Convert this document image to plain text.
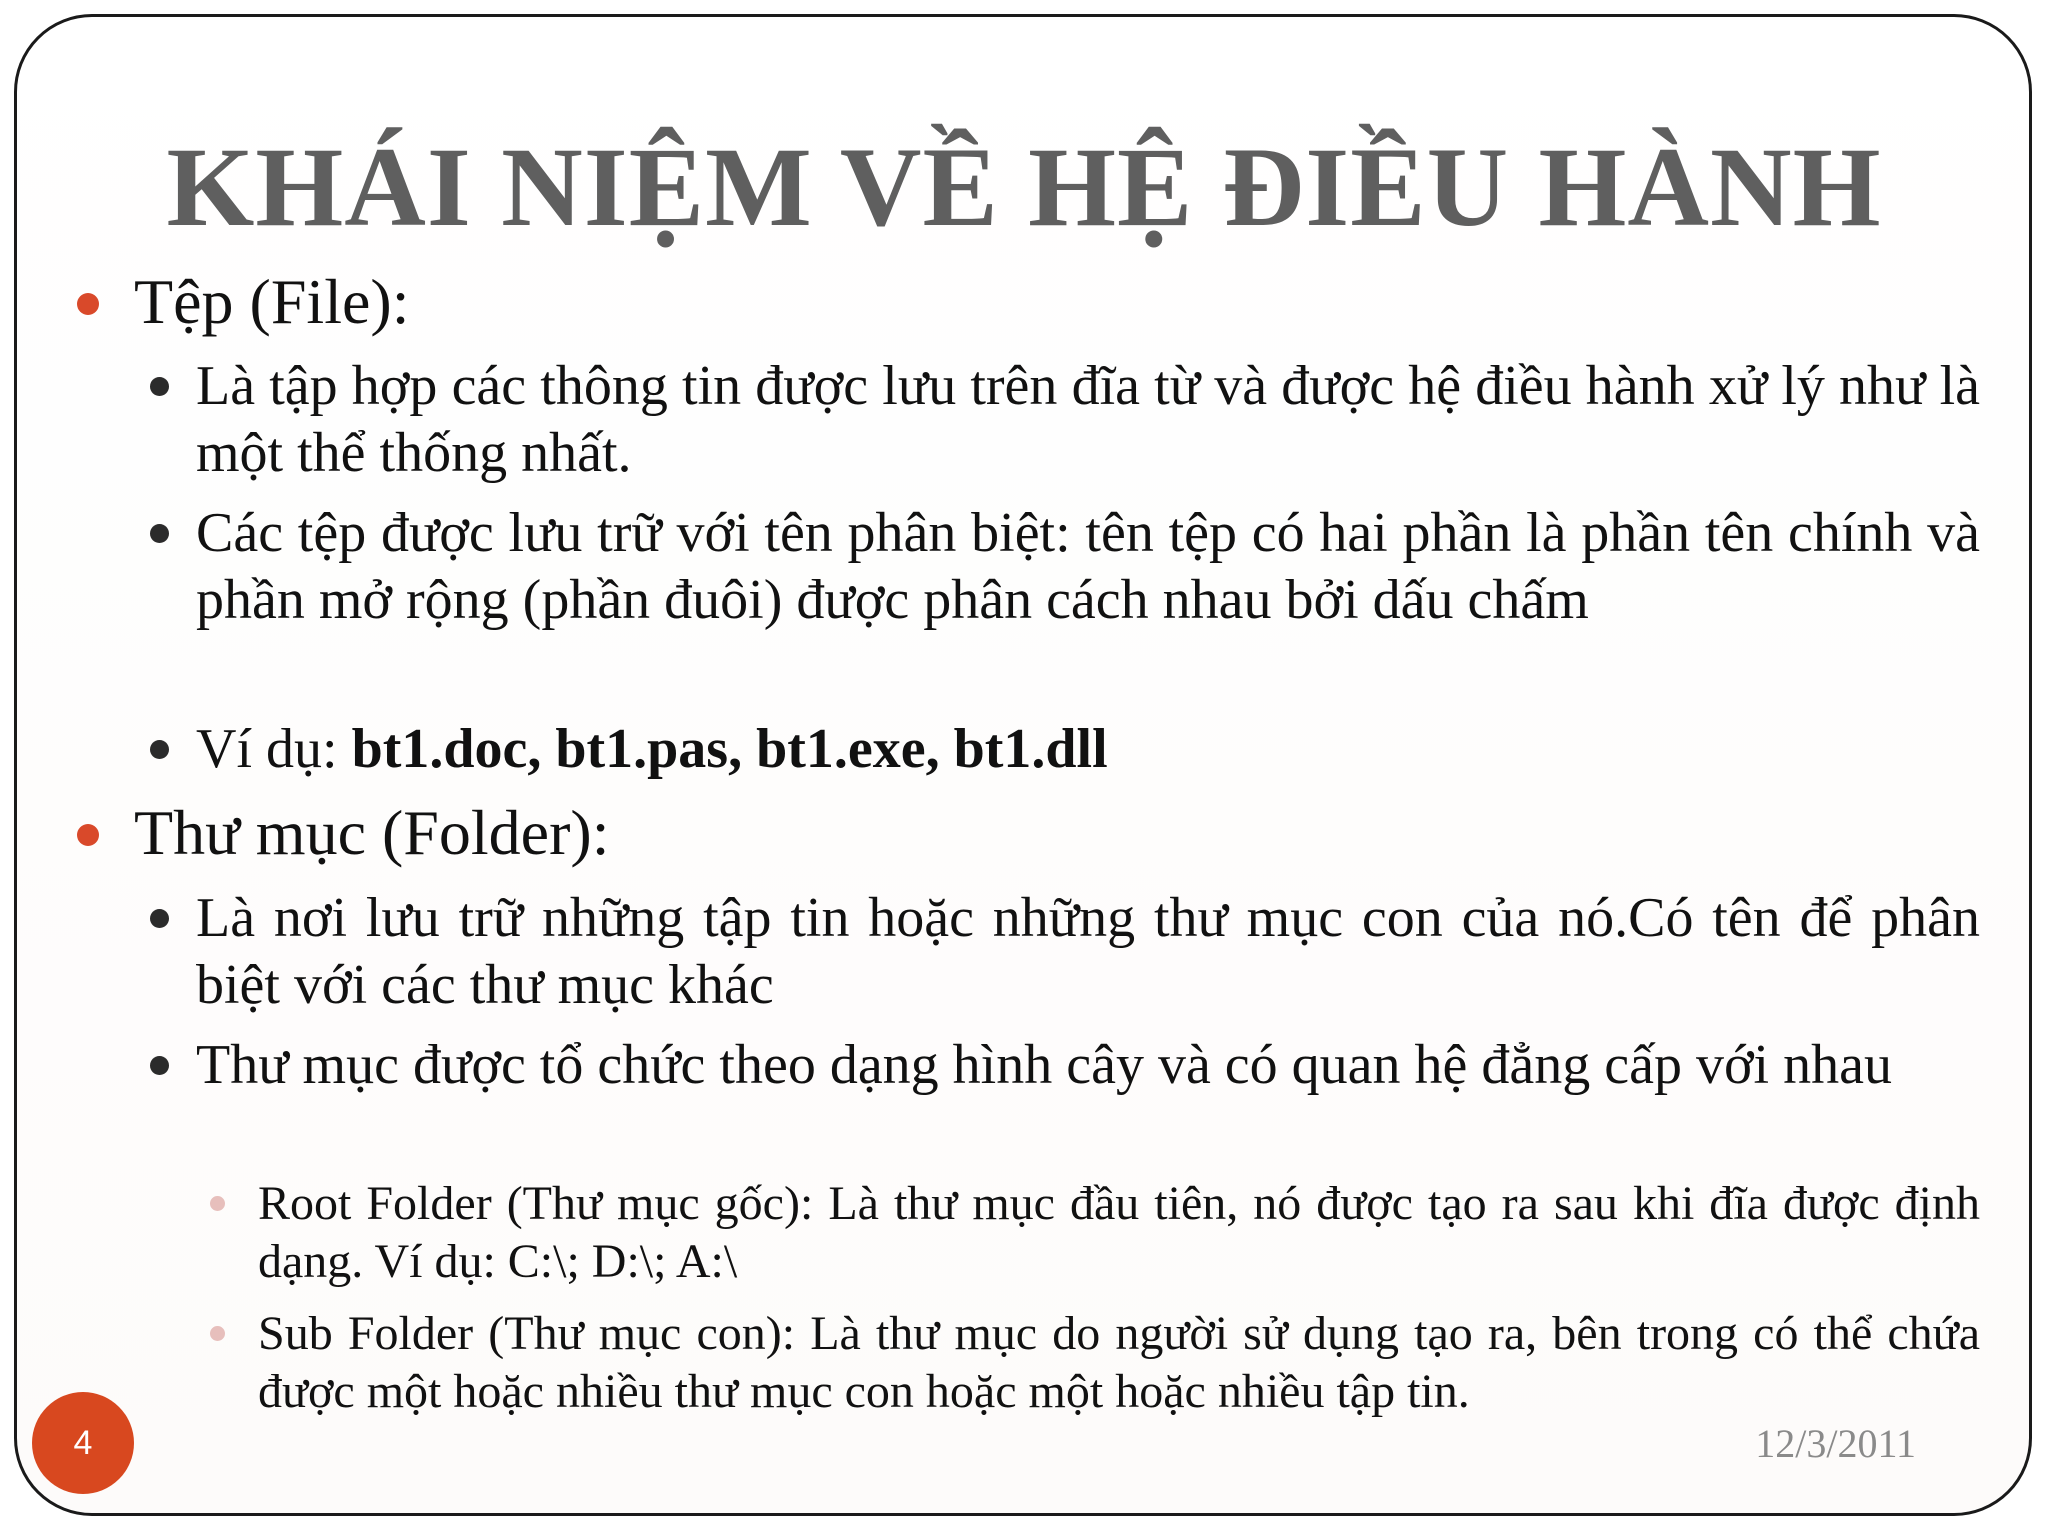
KHÁI NIỆM VỀ HỆ ĐIỀU HÀNH
Tệp (File):
Là tập hợp các thông tin được lưu trên đĩa từ và được hệ điều hành xử lý như là một thể thống nhất.
Các tệp được lưu trữ với tên phân biệt: tên tệp có hai phần là phần tên chính và phần mở rộng (phần đuôi) được phân cách nhau bởi dấu chấm
Ví dụ: bt1.doc, bt1.pas, bt1.exe, bt1.dll
Thư mục (Folder):
Là nơi lưu trữ những tập tin hoặc những thư mục con của nó.Có tên để phân biệt với các thư mục khác
Thư mục được tổ chức theo dạng hình cây và có quan hệ đẳng cấp với nhau
Root Folder (Thư mục gốc): Là thư mục đầu tiên, nó được tạo ra sau khi đĩa được định dạng. Ví dụ: C:\; D:\; A:\
Sub Folder (Thư mục con): Là thư mục do người sử dụng tạo ra, bên trong có thể chứa được một hoặc nhiều thư mục con hoặc một hoặc nhiều tập tin.
4	12/3/2011
